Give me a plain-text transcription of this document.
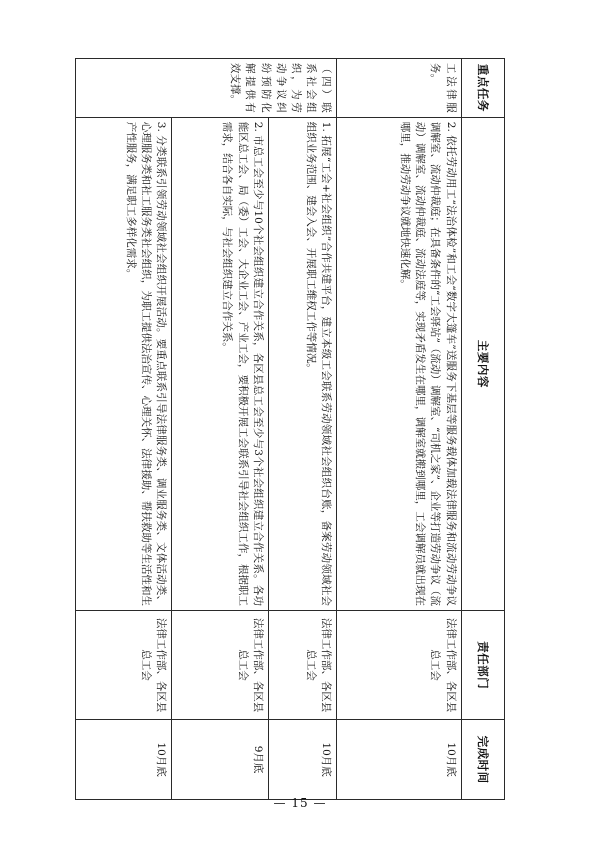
重点任务	主要内容	责任部门	完成时间
工法律服务。	2. 依托劳动用工“法治体检”和工会“数字大篷车”送服务下基层等服务载体加载法律服务和流动劳动争议调解室、流动仲裁庭；在具备条件的“工会驿站”（流动）调解室、“司机之家”、企业等打造劳动争议（流动）调解室、流动仲裁庭、流动法庭等，实现矛盾发生在哪里，调解室就搬到哪里，工会调解员就出现在哪里，推动劳动争议就地快速化解。	法律工作部、各区县总工会	10月底
（四）联系社会组织，为劳动争议纠纷预防化解提供有效支撑。	1. 拓展“工会+社会组织”合作共建平台，建立本级工会联系劳动领域社会组织台账，备案劳动领域社会组织业务范围、建会入会、开展职工维权工作等情况。	法律工作部、各区县总工会	10月底
	2. 市总工会至少与10个社会组织建立合作关系，各区县总工会至少与3个社会组织建立合作关系。各功能区总工会、局（委）工会、大企业工会、产业工会，要积极开展工会联系引导社会组织工作，根据职工需求，结合各自实际，与社会组织建立合作关系。	法律工作部、各区县总工会	9月底
	3. 分类联系引领劳动领域社会组织开展活动。要重点联系引导法律服务类、调业服务类、文体活动类、心理服务类和社工服务类社会组织，为职工提供法治宣传、心理关怀、法律援助、帮扶救助等生活性和生产性服务，满足职工多样化需求。	法律工作部、各区县总工会	10月底
— 15 —
